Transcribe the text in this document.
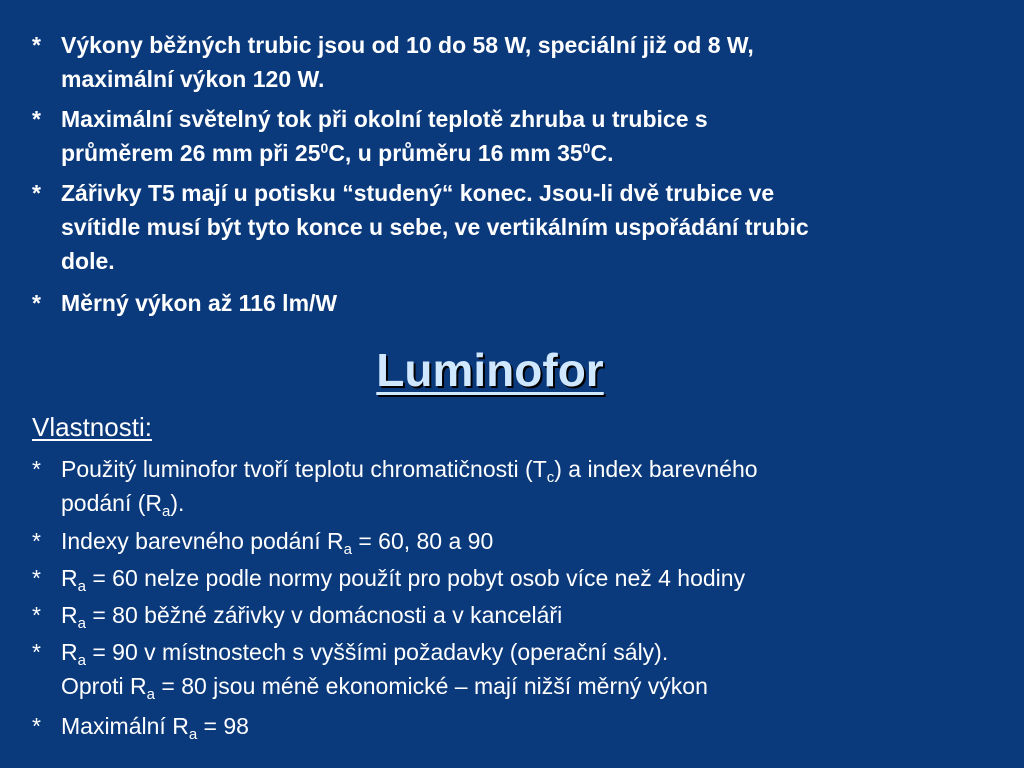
* Výkony běžných trubic jsou od 10 do 58 W, speciální již od 8 W,
maximální výkon 120 W.
* Maximální světelný tok při okolní teplotě zhruba u trubice s
průměrem 26 mm při $25^0C$, u průměru 16 mm $35^0C$.
* Zářivky T5 mají u potisku “studený“ konec. Jsou-li dvě trubice ve
svítidle musí být tyto konce u sebe, ve vertikálním uspořádání trubic
dole.
* Měrný výkon až 116 lm/W
Luminofor
Vlastnosti:
* Použitý luminofor tvoří teplotu chromatičnosti $(T_c)$ a index barevného
podání $(R_a)$.
* Indexy barevného podání $R_a = 60$, 80 a 90
* $R_a = 60$ nelze podle normy použít pro pobyt osob více než 4 hodiny
* $R_a = 80$ běžné zářivky v domácnosti a v kanceláři
* $R_a = 90$ v místnostech s vyššími požadavky (operační sály).
Oproti $R_a = 80$ jsou méně ekonomické – mají nižší měrný výkon
* Maximální $R_a = 98$
